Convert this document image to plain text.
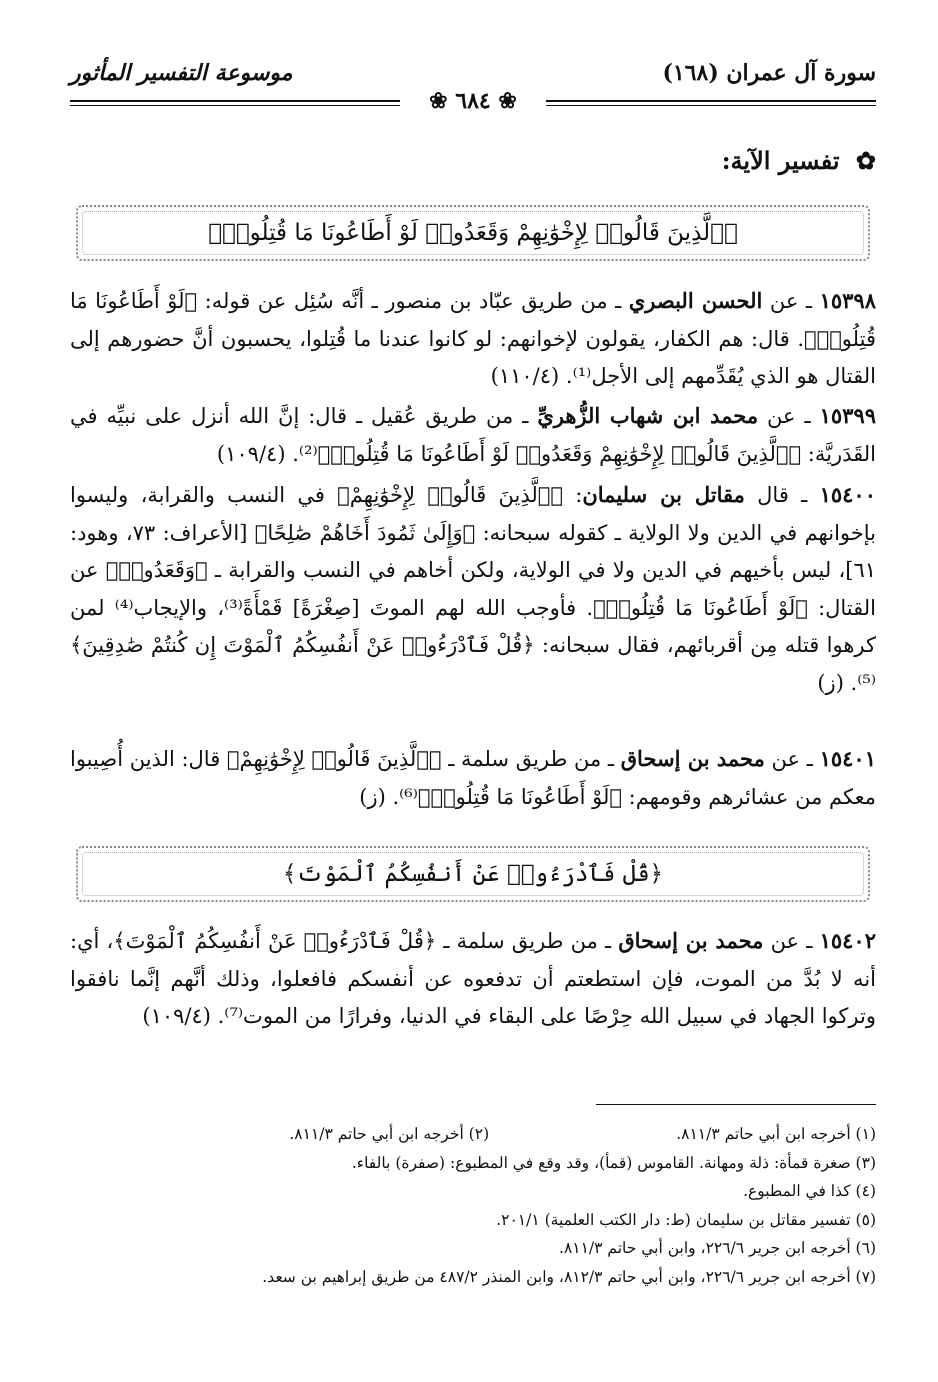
سورة آل عمران (١٦٨)
موسوعة التفسير المأثور
❀ ٦٨٤ ❀
✿ تفسير الآية:
﴿ٱلَّذِينَ قَالُوا۟ لِإِخْوَٰنِهِمْ وَقَعَدُوا۟ لَوْ أَطَاعُونَا مَا قُتِلُوا۟﴾
١٥٣٩٨ ـ عن الحسن البصري ـ من طريق عبّاد بن منصور ـ أنَّه سُئِل عن قوله: ﴿لَوْ أَطَاعُونَا مَا قُتِلُوا۟﴾. قال: هم الكفار، يقولون لإخوانهم: لو كانوا عندنا ما قُتِلوا، يحسبون أنَّ حضورهم إلى القتال هو الذي يُقَدِّمهم إلى الأجل⁽¹⁾. (١١٠/٤)
١٥٣٩٩ ـ عن محمد ابن شهاب الزُّهريِّ ـ من طريق عُقيل ـ قال: إنَّ الله أنزل على نبيِّه في القَدَريَّة: ﴿ٱلَّذِينَ قَالُوا۟ لِإِخْوَٰنِهِمْ وَقَعَدُوا۟ لَوْ أَطَاعُونَا مَا قُتِلُوا۟﴾⁽²⁾. (١٠٩/٤)
١٥٤٠٠ ـ قال مقاتل بن سليمان: ﴿ٱلَّذِينَ قَالُوا۟ لِإِخْوَٰنِهِمْ﴾ في النسب والقرابة، وليسوا بإخوانهم في الدين ولا الولاية ـ كقوله سبحانه: ﴿وَإِلَىٰ ثَمُودَ أَخَاهُمْ صَٰلِحًا﴾ [الأعراف: ٧٣، وهود: ٦١]، ليس بأخيهم في الدين ولا في الولاية، ولكن أخاهم في النسب والقرابة ـ ﴿وَقَعَدُوا۟﴾ عن القتال: ﴿لَوْ أَطَاعُونَا مَا قُتِلُوا۟﴾. فأوجب الله لهم الموتَ [صِغْرَةً] قَمْأَةً⁽³⁾، والإيجاب⁽⁴⁾ لمن كرهوا قتله مِن أقربائهم، فقال سبحانه: ﴿قُلْ فَٱدْرَءُوا۟ عَنْ أَنفُسِكُمُ ٱلْمَوْتَ إِن كُنتُمْ صَٰدِقِينَ﴾⁽⁵⁾. (ز)
١٥٤٠١ ـ عن محمد بن إسحاق ـ من طريق سلمة ـ ﴿ٱلَّذِينَ قَالُوا۟ لِإِخْوَٰنِهِمْ﴾ قال: الذين أُصِيبوا معكم من عشائرهم وقومهم: ﴿لَوْ أَطَاعُونَا مَا قُتِلُوا۟﴾⁽⁶⁾. (ز)
﴿قُلْ فَٱدْرَءُوا۟ عَنْ أَنفُسِكُمُ ٱلْمَوْتَ﴾
١٥٤٠٢ ـ عن محمد بن إسحاق ـ من طريق سلمة ـ ﴿قُلْ فَٱدْرَءُوا۟ عَنْ أَنفُسِكُمُ ٱلْمَوْتَ﴾، أي: أنه لا بُدَّ من الموت، فإن استطعتم أن تدفعوه عن أنفسكم فافعلوا، وذلك أنَّهم إنَّما نافقوا وتركوا الجهاد في سبيل الله حِرْصًا على البقاء في الدنيا، وفرارًا من الموت⁽⁷⁾. (١٠٩/٤)
(١) أخرجه ابن أبي حاتم ٨١١/٣.
(٢) أخرجه ابن أبي حاتم ٨١١/٣.
(٣) صغرة قمأة: ذلة ومهانة. القاموس (قمأ)، وقد وقع في المطبوع: (صفرة) بالفاء.
(٤) كذا في المطبوع.
(٥) تفسير مقاتل بن سليمان (ط: دار الكتب العلمية) ٢٠١/١.
(٦) أخرجه ابن جرير ٢٢٦/٦، وابن أبي حاتم ٨١١/٣.
(٧) أخرجه ابن جرير ٢٢٦/٦، وابن أبي حاتم ٨١٢/٣، وابن المنذر ٤٨٧/٢ من طريق إبراهيم بن سعد.
